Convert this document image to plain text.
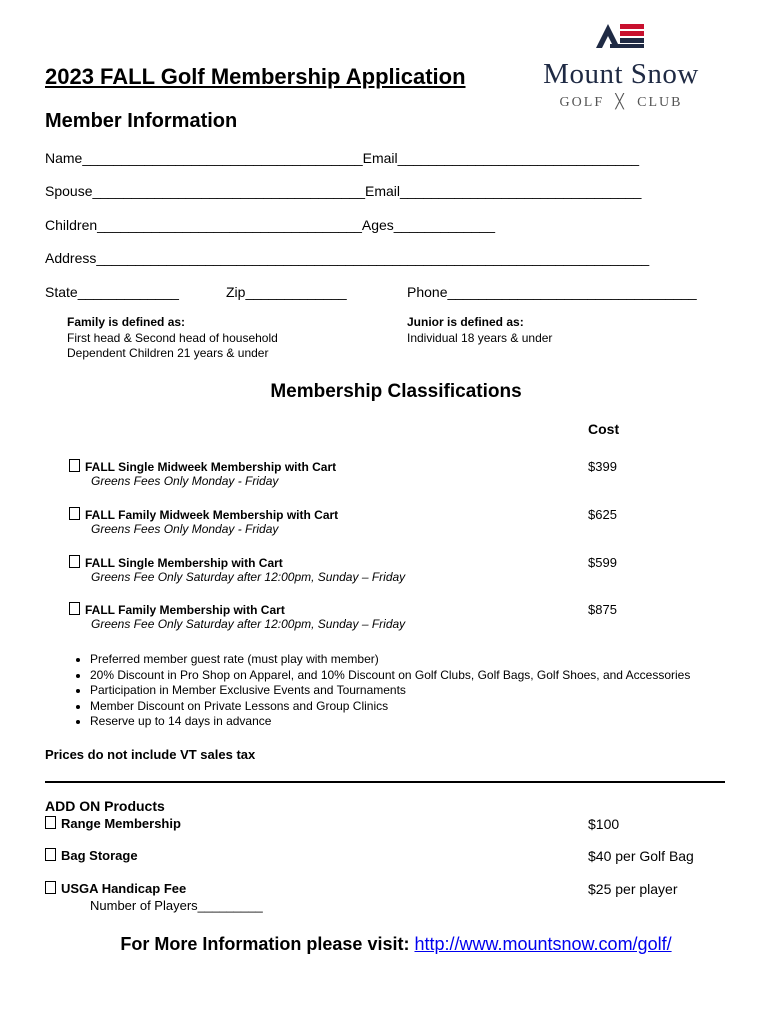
Mount Snow
GOLF ╳ CLUB
2023 FALL Golf Membership Application
Member Information
Name____________________________________Email_______________________________
Spouse___________________________________Email_______________________________
Children__________________________________Ages_____________
Address_______________________________________________________________________
State_____________	Zip_____________	Phone________________________________
Family is defined as:
First head & Second head of household
Dependent Children 21 years & under
Junior is defined as:
Individual 18 years & under
Membership Classifications
Cost
FALL Single Midweek Membership with Cart
Greens Fees Only Monday - Friday
$399
FALL Family Midweek Membership with Cart
Greens Fees Only Monday - Friday
$625
FALL Single Membership with Cart
Greens Fee Only Saturday after 12:00pm, Sunday – Friday
$599
FALL Family Membership with Cart
Greens Fee Only Saturday after 12:00pm, Sunday – Friday
$875
• Preferred member guest rate (must play with member)
• 20% Discount in Pro Shop on Apparel, and 10% Discount on Golf Clubs, Golf Bags, Golf Shoes, and Accessories
• Participation in Member Exclusive Events and Tournaments
• Member Discount on Private Lessons and Group Clinics
• Reserve up to 14 days in advance
Prices do not include VT sales tax
ADD ON Products
Range Membership	$100
Bag Storage	$40 per Golf Bag
USGA Handicap Fee	$25 per player
Number of Players_________
For More Information please visit: http://www.mountsnow.com/golf/
